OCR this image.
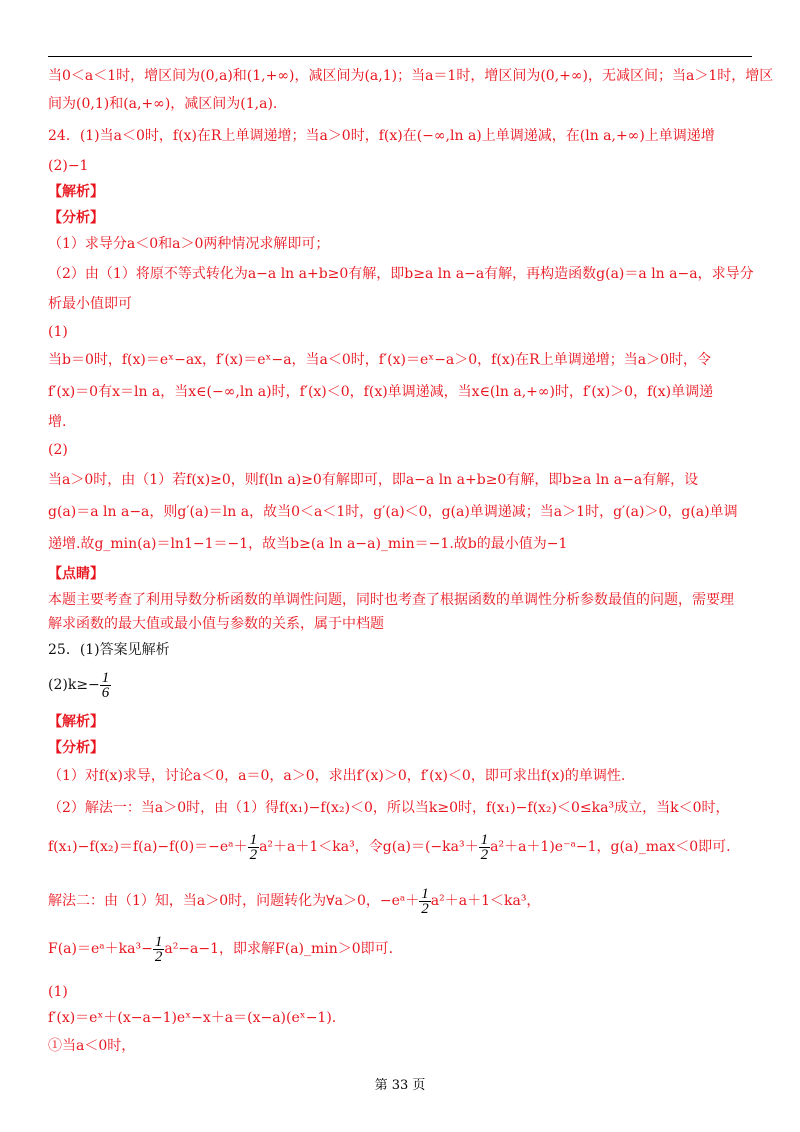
当0＜a＜1时，增区间为(0,a)和(1,+∞)，减区间为(a,1)；当a＝1时，增区间为(0,+∞)，无减区间；当a＞1时，增区
间为(0,1)和(a,+∞)，减区间为(1,a).
24．(1)当a＜0时，f(x)在R上单调递增；当a＞0时，f(x)在(−∞,ln a)上单调递减，在(ln a,+∞)上单调递增
(2)−1
【解析】
【分析】
（1）求导分a＜0和a＞0两种情况求解即可；
（2）由（1）将原不等式转化为a−a ln a+b≥0有解，即b≥a ln a−a有解，再构造函数g(a)＝a ln a−a，求导分
析最小值即可
(1)
当b＝0时，f(x)＝eˣ−ax，f′(x)＝eˣ−a，当a＜0时，f′(x)＝eˣ−a＞0，f(x)在R上单调递增；当a＞0时，令
f′(x)＝0有x＝ln a，当x∈(−∞,ln a)时，f′(x)＜0，f(x)单调递减，当x∈(ln a,+∞)时，f′(x)＞0，f(x)单调递
增.
(2)
当a＞0时，由（1）若f(x)≥0，则f(ln a)≥0有解即可，即a−a ln a+b≥0有解，即b≥a ln a−a有解，设
g(a)＝a ln a−a，则g′(a)＝ln a，故当0＜a＜1时，g′(a)＜0，g(a)单调递减；当a＞1时，g′(a)＞0，g(a)单调
递增.故g_min(a)＝ln1−1＝−1，故当b≥(a ln a−a)_min＝−1.故b的最小值为−1
【点睛】
本题主要考查了利用导数分析函数的单调性问题，同时也考查了根据函数的单调性分析参数最值的问题，需要理
解求函数的最大值或最小值与参数的关系，属于中档题
25．(1)答案见解析
$(2)k\ge- \frac{1}{6}$
【解析】
【分析】
（1）对f(x)求导，讨论a＜0，a＝0，a＞0，求出f′(x)＞0，f′(x)＜0，即可求出f(x)的单调性.
（2）解法一：当a＞0时，由（1）得f(x₁)−f(x₂)＜0，所以当k≥0时，f(x₁)−f(x₂)＜0≤ka³成立，当k＜0时，
f(x₁)−f(x₂)＝f(a)−f(0)＝−eᵃ＋ $\frac{1}{2} a^2+a+1<ka^3$，令$g(a)=(-ka^3+ \frac{1}{2}$ a²＋a＋1)e⁻ᵃ−1，g(a)_max＜0即可.
解法二：由（1）知，当a＞0时，问题转化为∀a＞0，−eᵃ＋ $\frac{1}{2} a^2+a+1<ka^3$，
F(a)＝eᵃ＋ka³− $\frac{1}{2} a^2-a-1$，即求解F(a)_min＞0即可.
(1)
f′(x)＝eˣ＋(x−a−1)eˣ−x＋a＝(x−a)(eˣ−1).
①当a＜0时，
第 33 页
